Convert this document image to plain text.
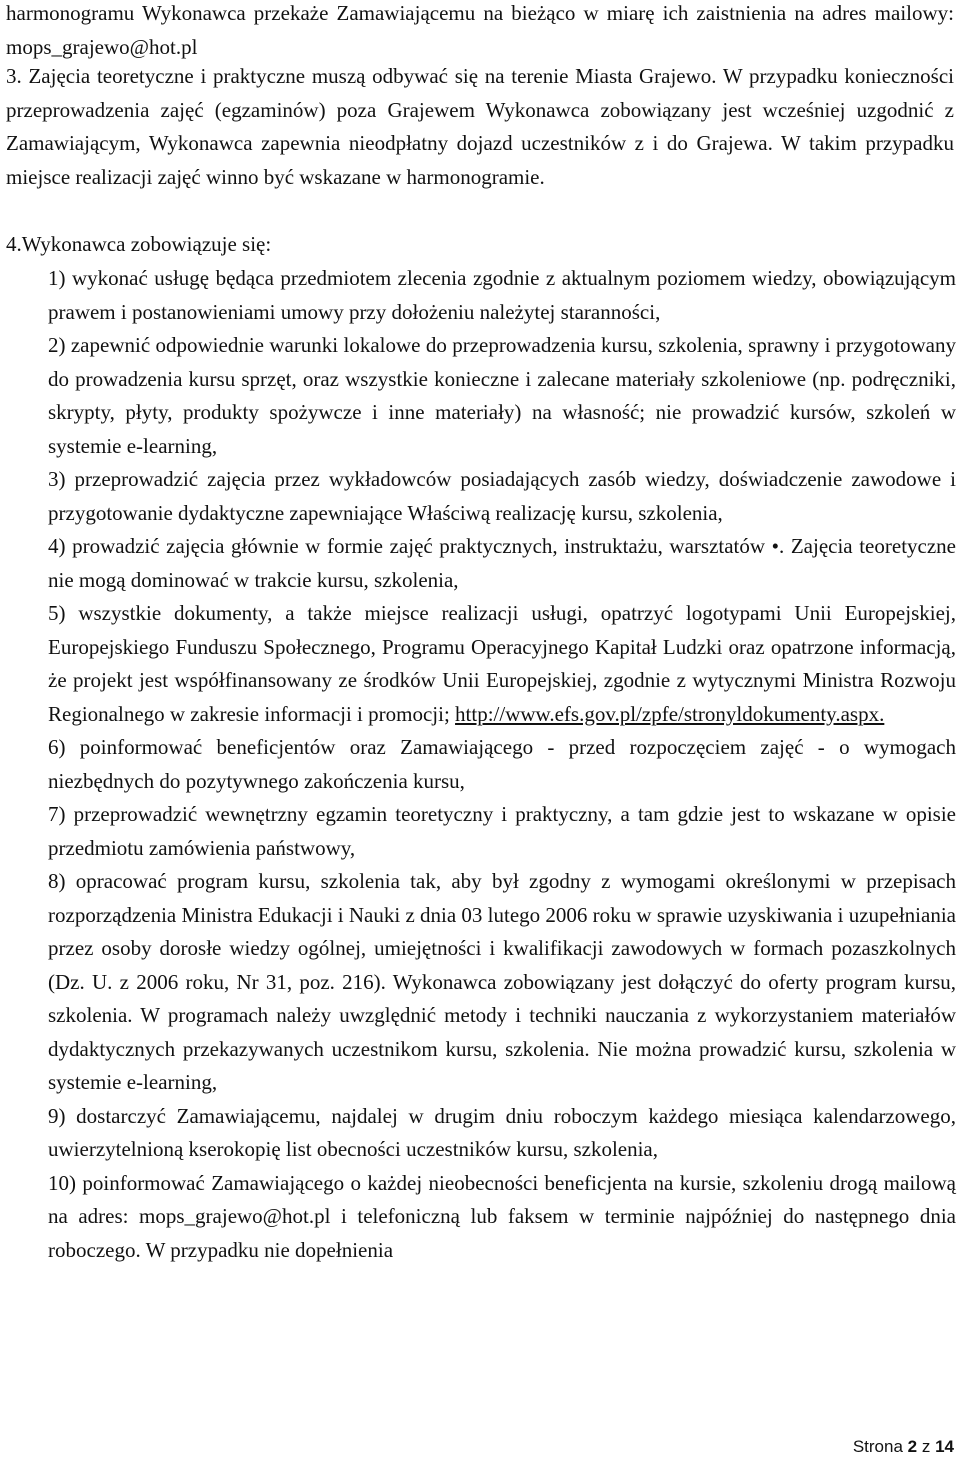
harmonogramu Wykonawca przekaże Zamawiającemu na bieżąco w miarę ich zaistnienia na adres mailowy: mops_grajewo@hot.pl
3. Zajęcia teoretyczne i praktyczne muszą odbywać się na terenie Miasta Grajewo. W przypadku konieczności przeprowadzenia zajęć (egzaminów) poza Grajewem Wykonawca zobowiązany jest wcześniej uzgodnić z Zamawiającym, Wykonawca zapewnia nieodpłatny dojazd uczestników z i do Grajewa. W takim przypadku miejsce realizacji zajęć winno być wskazane w harmonogramie.
4.Wykonawca zobowiązuje się:

1) wykonać usługę będąca przedmiotem zlecenia zgodnie z aktualnym poziomem wiedzy, obowiązującym prawem i postanowieniami umowy przy dołożeniu należytej staranności,

2) zapewnić odpowiednie warunki lokalowe do przeprowadzenia kursu, szkolenia, sprawny i przygotowany do prowadzenia kursu sprzęt, oraz wszystkie konieczne i zalecane materiały szkoleniowe (np. podręczniki, skrypty, płyty, produkty spożywcze i inne materiały) na własność; nie prowadzić kursów, szkoleń w systemie e-learning,

3) przeprowadzić zajęcia przez wykładowców posiadających zasób wiedzy, doświadczenie zawodowe i przygotowanie dydaktyczne zapewniające Właściwą realizację kursu, szkolenia,

4) prowadzić zajęcia głównie w formie zajęć praktycznych, instruktażu, warsztatów •. Zajęcia teoretyczne nie mogą dominować w trakcie kursu, szkolenia,

5) wszystkie dokumenty, a także miejsce realizacji usługi, opatrzyć logotypami Unii Europejskiej, Europejskiego Funduszu Społecznego, Programu Operacyjnego Kapitał Ludzki oraz opatrzone informacją, że projekt jest współfinansowany ze środków Unii Europejskiej, zgodnie z wytycznymi Ministra Rozwoju Regionalnego w zakresie informacji i promocji; http://www.efs.gov.pl/zpfe/stronyldokumenty.aspx.

6) poinformować beneficjentów oraz Zamawiającego - przed rozpoczęciem zajęć - o wymogach niezbędnych do pozytywnego zakończenia kursu,

7) przeprowadzić wewnętrzny egzamin teoretyczny i praktyczny, a tam gdzie jest to wskazane w opisie przedmiotu zamówienia państwowy,

8) opracować program kursu, szkolenia tak, aby był zgodny z wymogami określonymi w przepisach rozporządzenia Ministra Edukacji i Nauki z dnia 03 lutego 2006 roku w sprawie uzyskiwania i uzupełniania przez osoby dorosłe wiedzy ogólnej, umiejętności i kwalifikacji zawodowych w formach pozaszkolnych (Dz. U. z 2006 roku, Nr 31, poz. 216). Wykonawca zobowiązany jest dołączyć do oferty program kursu, szkolenia. W programach należy uwzględnić metody i techniki nauczania z wykorzystaniem materiałów dydaktycznych przekazywanych uczestnikom kursu, szkolenia. Nie można prowadzić kursu, szkolenia w systemie e-learning,

9) dostarczyć Zamawiającemu, najdalej w drugim dniu roboczym każdego miesiąca kalendarzowego, uwierzytelnioną kserokopię list obecności uczestników kursu, szkolenia,

10) poinformować Zamawiającego o każdej nieobecności beneficjenta na kursie, szkoleniu drogą mailową na adres: mops_grajewo@hot.pl i telefoniczną lub faksem w terminie najpóźniej do następnego dnia roboczego. W przypadku nie dopełnienia

Strona 2 z 14
